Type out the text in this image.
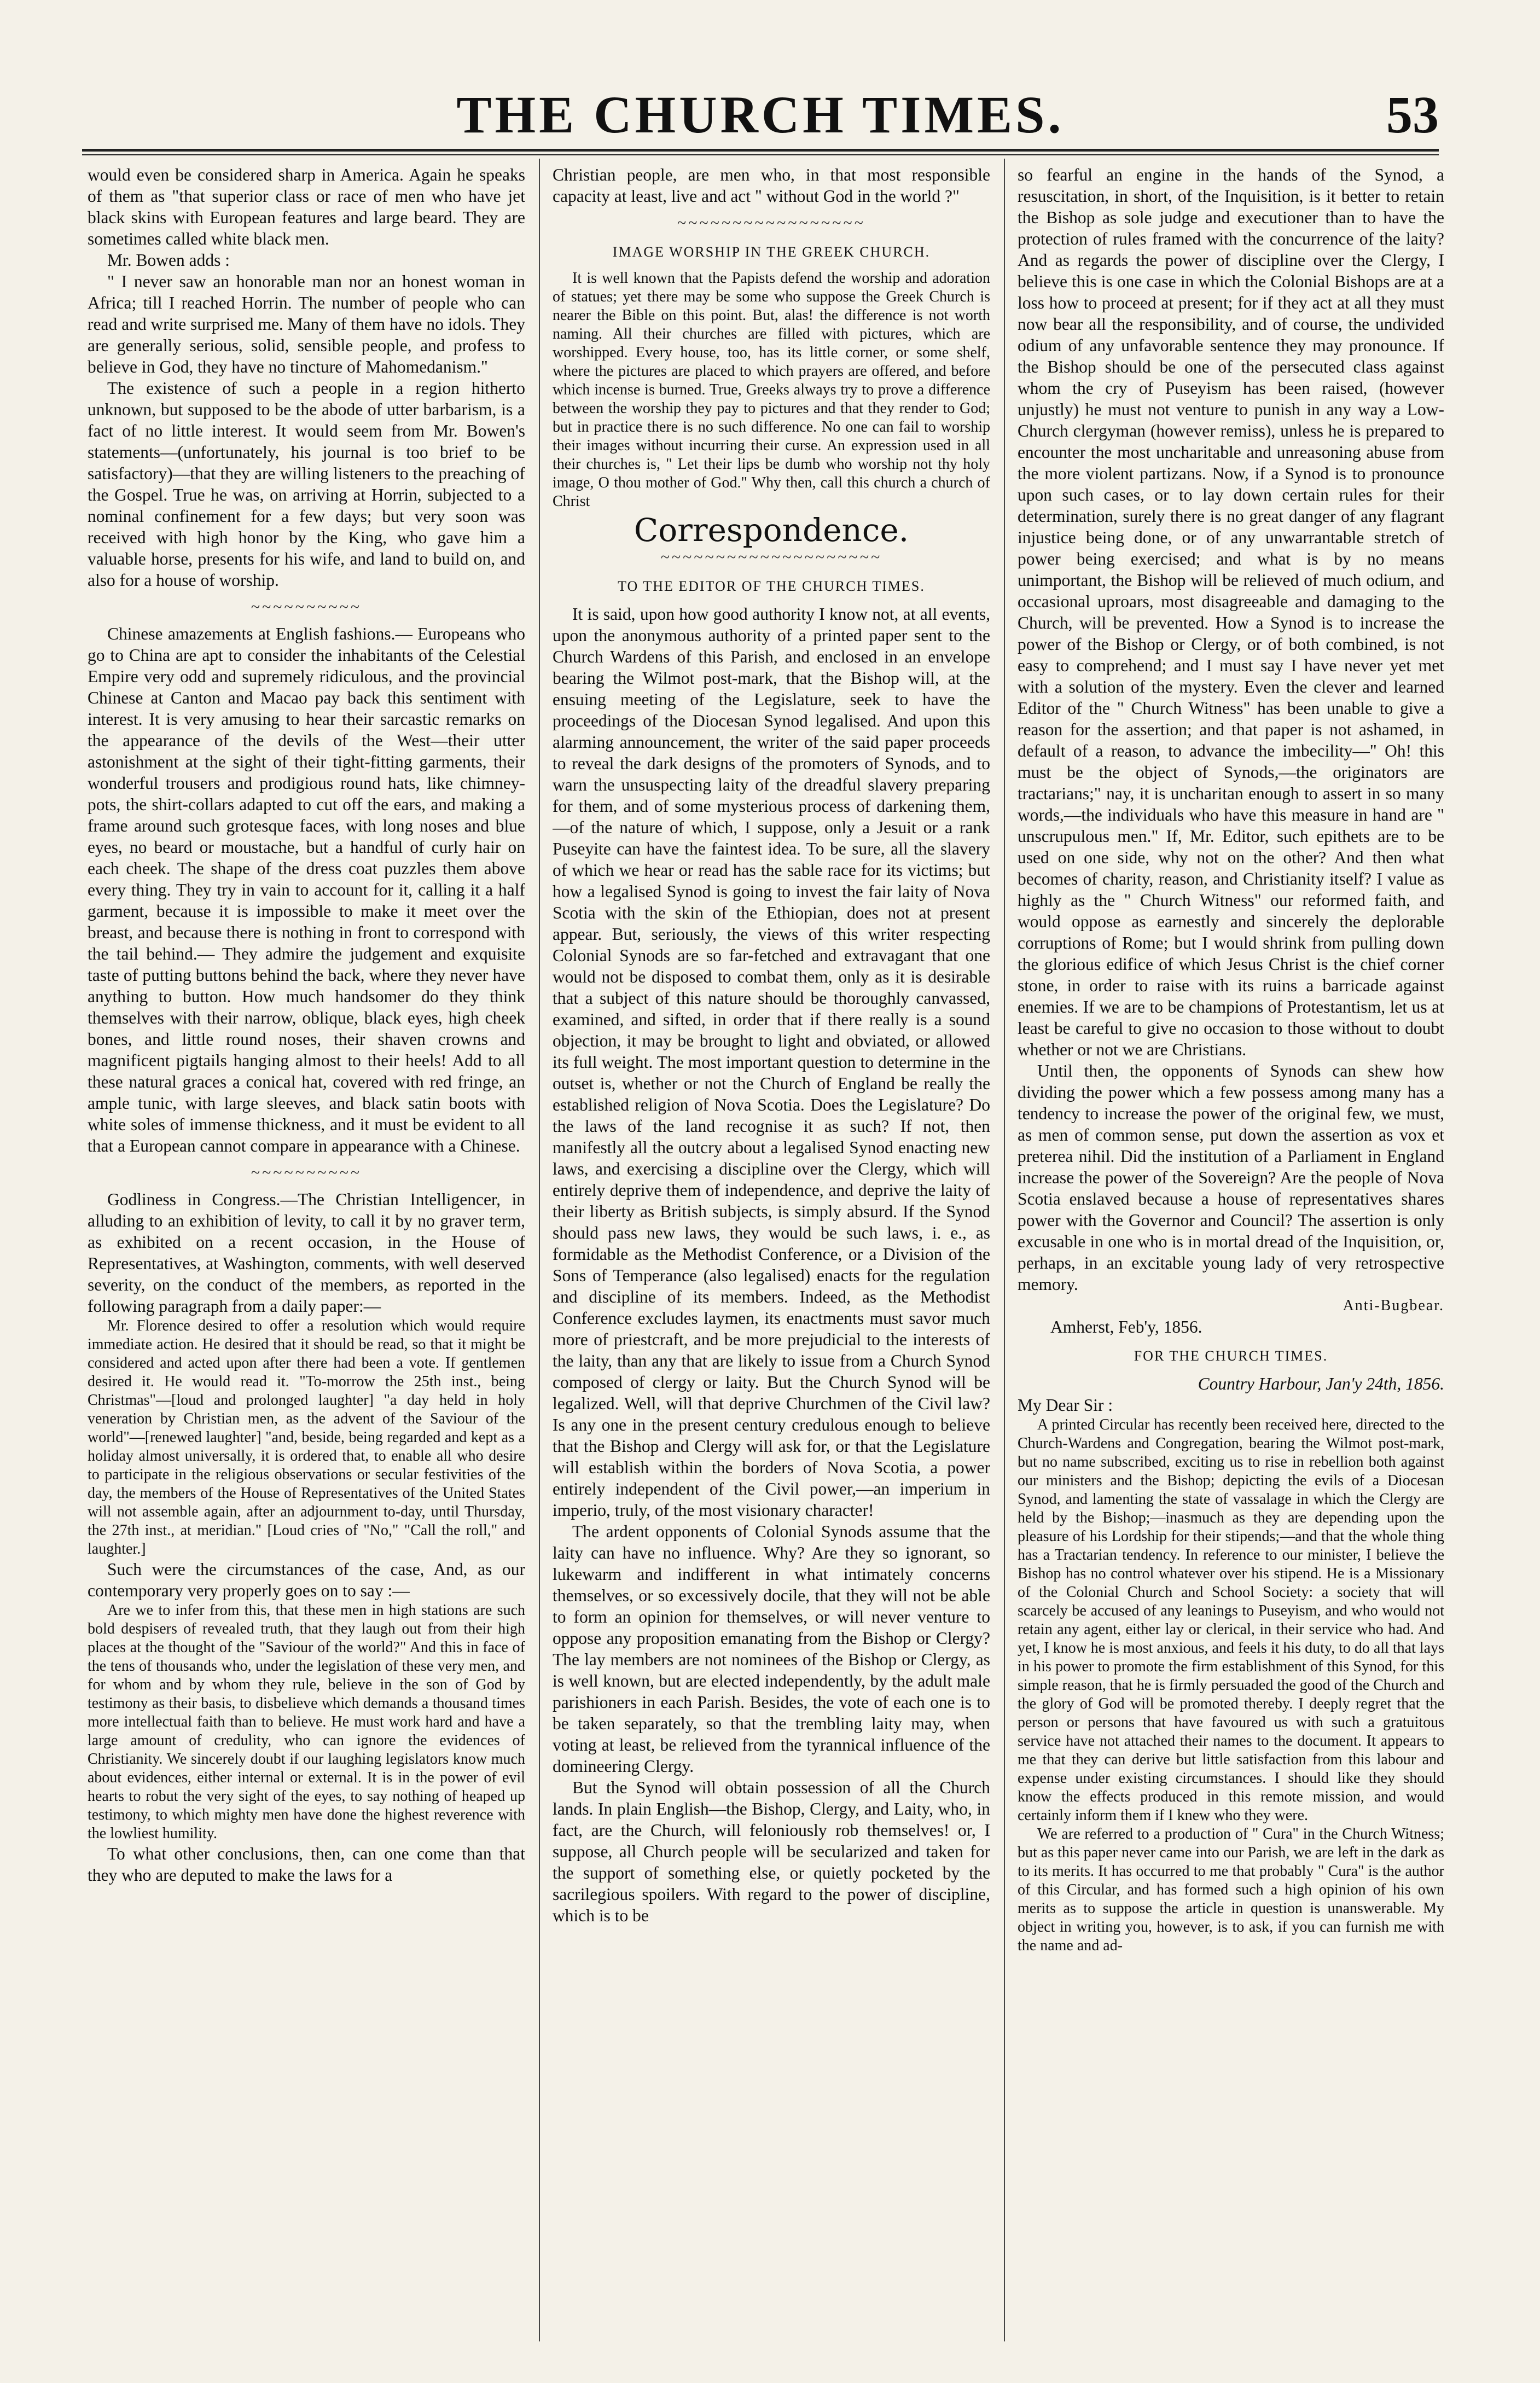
THE CHURCH TIMES.	53

would even be considered sharp in America. Again he speaks of them as "that superior class or race of men who have jet black skins with European features and large beard. They are sometimes called white black men.

Mr. Bowen adds :

" I never saw an honorable man nor an honest woman in Africa; till I reached Horrin. The number of people who can read and write surprised me. Many of them have no idols. They are generally serious, solid, sensible people, and profess to believe in God, they have no tincture of Mahomedanism."

The existence of such a people in a region hitherto unknown, but supposed to be the abode of utter barbarism, is a fact of no little interest. It would seem from Mr. Bowen's statements—(unfortunately, his journal is too brief to be satisfactory)—that they are willing listeners to the preaching of the Gospel. True he was, on arriving at Horrin, subjected to a nominal confinement for a few days; but very soon was received with high honor by the King, who gave him a valuable horse, presents for his wife, and land to build on, and also for a house of worship.

~~~~~~~~~~

Chinese amazements at English fashions.— Europeans who go to China are apt to consider the inhabitants of the Celestial Empire very odd and supremely ridiculous, and the provincial Chinese at Canton and Macao pay back this sentiment with interest. It is very amusing to hear their sarcastic remarks on the appearance of the devils of the West—their utter astonishment at the sight of their tight-fitting garments, their wonderful trousers and prodigious round hats, like chimney-pots, the shirt-collars adapted to cut off the ears, and making a frame around such grotesque faces, with long noses and blue eyes, no beard or moustache, but a handful of curly hair on each cheek. The shape of the dress coat puzzles them above every thing. They try in vain to account for it, calling it a half garment, because it is impossible to make it meet over the breast, and because there is nothing in front to correspond with the tail behind.— They admire the judgement and exquisite taste of putting buttons behind the back, where they never have anything to button. How much handsomer do they think themselves with their narrow, oblique, black eyes, high cheek bones, and little round noses, their shaven crowns and magnificent pigtails hanging almost to their heels! Add to all these natural graces a conical hat, covered with red fringe, an ample tunic, with large sleeves, and black satin boots with white soles of immense thickness, and it must be evident to all that a European cannot compare in appearance with a Chinese.

~~~~~~~~~~

Godliness in Congress.—The Christian Intelligencer, in alluding to an exhibition of levity, to call it by no graver term, as exhibited on a recent occasion, in the House of Representatives, at Washington, comments, with well deserved severity, on the conduct of the members, as reported in the following paragraph from a daily paper:—

Mr. Florence desired to offer a resolution which would require immediate action. He desired that it should be read, so that it might be considered and acted upon after there had been a vote. If gentlemen desired it. He would read it. "To-morrow the 25th inst., being Christmas"—[loud and prolonged laughter] "a day held in holy veneration by Christian men, as the advent of the Saviour of the world"—[renewed laughter] "and, beside, being regarded and kept as a holiday almost universally, it is ordered that, to enable all who desire to participate in the religious observations or secular festivities of the day, the members of the House of Representatives of the United States will not assemble again, after an adjournment to-day, until Thursday, the 27th inst., at meridian." [Loud cries of "No," "Call the roll," and laughter.]

Such were the circumstances of the case, And, as our contemporary very properly goes on to say :—

Are we to infer from this, that these men in high stations are such bold despisers of revealed truth, that they laugh out from their high places at the thought of the "Saviour of the world?" And this in face of the tens of thousands who, under the legislation of these very men, and for whom and by whom they rule, believe in the son of God by testimony as their basis, to disbelieve which demands a thousand times more intellectual faith than to believe. He must work hard and have a large amount of credulity, who can ignore the evidences of Christianity. We sincerely doubt if our laughing legislators know much about evidences, either internal or external. It is in the power of evil hearts to robut the very sight of the eyes, to say nothing of heaped up testimony, to which mighty men have done the highest reverence with the lowliest humility.

To what other conclusions, then, can one come than that they who are deputed to make the laws for a

Christian people, are men who, in that most responsible capacity at least, live and act " without God in the world ?"

~~~~~~~~~~~~~~~~~
IMAGE WORSHIP IN THE GREEK CHURCH.

It is well known that the Papists defend the worship and adoration of statues; yet there may be some who suppose the Greek Church is nearer the Bible on this point. But, alas! the difference is not worth naming. All their churches are filled with pictures, which are worshipped. Every house, too, has its little corner, or some shelf, where the pictures are placed to which prayers are offered, and before which incense is burned. True, Greeks always try to prove a difference between the worship they pay to pictures and that they render to God; but in practice there is no such difference. No one can fail to worship their images without incurring their curse. An expression used in all their churches is, " Let their lips be dumb who worship not thy holy image, O thou mother of God." Why then, call this church a church of Christ

Correspondence.
~~~~~~~~~~~~~~~~~~~~
TO THE EDITOR OF THE CHURCH TIMES.

It is said, upon how good authority I know not, at all events, upon the anonymous authority of a printed paper sent to the Church Wardens of this Parish, and enclosed in an envelope bearing the Wilmot post-mark, that the Bishop will, at the ensuing meeting of the Legislature, seek to have the proceedings of the Diocesan Synod legalised. And upon this alarming announcement, the writer of the said paper proceeds to reveal the dark designs of the promoters of Synods, and to warn the unsuspecting laity of the dreadful slavery preparing for them, and of some mysterious process of darkening them,—of the nature of which, I suppose, only a Jesuit or a rank Puseyite can have the faintest idea. To be sure, all the slavery of which we hear or read has the sable race for its victims; but how a legalised Synod is going to invest the fair laity of Nova Scotia with the skin of the Ethiopian, does not at present appear. But, seriously, the views of this writer respecting Colonial Synods are so far-fetched and extravagant that one would not be disposed to combat them, only as it is desirable that a subject of this nature should be thoroughly canvassed, examined, and sifted, in order that if there really is a sound objection, it may be brought to light and obviated, or allowed its full weight. The most important question to determine in the outset is, whether or not the Church of England be really the established religion of Nova Scotia. Does the Legislature? Do the laws of the land recognise it as such? If not, then manifestly all the outcry about a legalised Synod enacting new laws, and exercising a discipline over the Clergy, which will entirely deprive them of independence, and deprive the laity of their liberty as British subjects, is simply absurd. If the Synod should pass new laws, they would be such laws, i. e., as formidable as the Methodist Conference, or a Division of the Sons of Temperance (also legalised) enacts for the regulation and discipline of its members. Indeed, as the Methodist Conference excludes laymen, its enactments must savor much more of priestcraft, and be more prejudicial to the interests of the laity, than any that are likely to issue from a Church Synod composed of clergy or laity. But the Church Synod will be legalized. Well, will that deprive Churchmen of the Civil law? Is any one in the present century credulous enough to believe that the Bishop and Clergy will ask for, or that the Legislature will establish within the borders of Nova Scotia, a power entirely independent of the Civil power,—an imperium in imperio, truly, of the most visionary character!

The ardent opponents of Colonial Synods assume that the laity can have no influence. Why? Are they so ignorant, so lukewarm and indifferent in what intimately concerns themselves, or so excessively docile, that they will not be able to form an opinion for themselves, or will never venture to oppose any proposition emanating from the Bishop or Clergy? The lay members are not nominees of the Bishop or Clergy, as is well known, but are elected independently, by the adult male parishioners in each Parish. Besides, the vote of each one is to be taken separately, so that the trembling laity may, when voting at least, be relieved from the tyrannical influence of the domineering Clergy.

But the Synod will obtain possession of all the Church lands. In plain English—the Bishop, Clergy, and Laity, who, in fact, are the Church, will feloniously rob themselves! or, I suppose, all Church people will be secularized and taken for the support of something else, or quietly pocketed by the sacrilegious spoilers. With regard to the power of discipline, which is to be

so fearful an engine in the hands of the Synod, a resuscitation, in short, of the Inquisition, is it better to retain the Bishop as sole judge and executioner than to have the protection of rules framed with the concurrence of the laity? And as regards the power of discipline over the Clergy, I believe this is one case in which the Colonial Bishops are at a loss how to proceed at present; for if they act at all they must now bear all the responsibility, and of course, the undivided odium of any unfavorable sentence they may pronounce. If the Bishop should be one of the persecuted class against whom the cry of Puseyism has been raised, (however unjustly) he must not venture to punish in any way a Low-Church clergyman (however remiss), unless he is prepared to encounter the most uncharitable and unreasoning abuse from the more violent partizans. Now, if a Synod is to pronounce upon such cases, or to lay down certain rules for their determination, surely there is no great danger of any flagrant injustice being done, or of any unwarrantable stretch of power being exercised; and what is by no means unimportant, the Bishop will be relieved of much odium, and occasional uproars, most disagreeable and damaging to the Church, will be prevented. How a Synod is to increase the power of the Bishop or Clergy, or of both combined, is not easy to comprehend; and I must say I have never yet met with a solution of the mystery. Even the clever and learned Editor of the " Church Witness" has been unable to give a reason for the assertion; and that paper is not ashamed, in default of a reason, to advance the imbecility—" Oh! this must be the object of Synods,—the originators are tractarians;" nay, it is uncharitan enough to assert in so many words,—the individuals who have this measure in hand are " unscrupulous men." If, Mr. Editor, such epithets are to be used on one side, why not on the other? And then what becomes of charity, reason, and Christianity itself? I value as highly as the " Church Witness" our reformed faith, and would oppose as earnestly and sincerely the deplorable corruptions of Rome; but I would shrink from pulling down the glorious edifice of which Jesus Christ is the chief corner stone, in order to raise with its ruins a barricade against enemies. If we are to be champions of Protestantism, let us at least be careful to give no occasion to those without to doubt whether or not we are Christians.

Until then, the opponents of Synods can shew how dividing the power which a few possess among many has a tendency to increase the power of the original few, we must, as men of common sense, put down the assertion as vox et preterea nihil. Did the institution of a Parliament in England increase the power of the Sovereign? Are the people of Nova Scotia enslaved because a house of representatives shares power with the Governor and Council? The assertion is only excusable in one who is in mortal dread of the Inquisition, or, perhaps, in an excitable young lady of very retrospective memory.

Anti-Bugbear.

Amherst, Feb'y, 1856.

FOR THE CHURCH TIMES.

Country Harbour, Jan'y 24th, 1856.

My Dear Sir :

A printed Circular has recently been received here, directed to the Church-Wardens and Congregation, bearing the Wilmot post-mark, but no name subscribed, exciting us to rise in rebellion both against our ministers and the Bishop; depicting the evils of a Diocesan Synod, and lamenting the state of vassalage in which the Clergy are held by the Bishop;—inasmuch as they are depending upon the pleasure of his Lordship for their stipends;—and that the whole thing has a Tractarian tendency. In reference to our minister, I believe the Bishop has no control whatever over his stipend. He is a Missionary of the Colonial Church and School Society: a society that will scarcely be accused of any leanings to Puseyism, and who would not retain any agent, either lay or clerical, in their service who had. And yet, I know he is most anxious, and feels it his duty, to do all that lays in his power to promote the firm establishment of this Synod, for this simple reason, that he is firmly persuaded the good of the Church and the glory of God will be promoted thereby. I deeply regret that the person or persons that have favoured us with such a gratuitous service have not attached their names to the document. It appears to me that they can derive but little satisfaction from this labour and expense under existing circumstances. I should like they should know the effects produced in this remote mission, and would certainly inform them if I knew who they were.

We are referred to a production of " Cura" in the Church Witness; but as this paper never came into our Parish, we are left in the dark as to its merits. It has occurred to me that probably " Cura" is the author of this Circular, and has formed such a high opinion of his own merits as to suppose the article in question is unanswerable. My object in writing you, however, is to ask, if you can furnish me with the name and ad-
